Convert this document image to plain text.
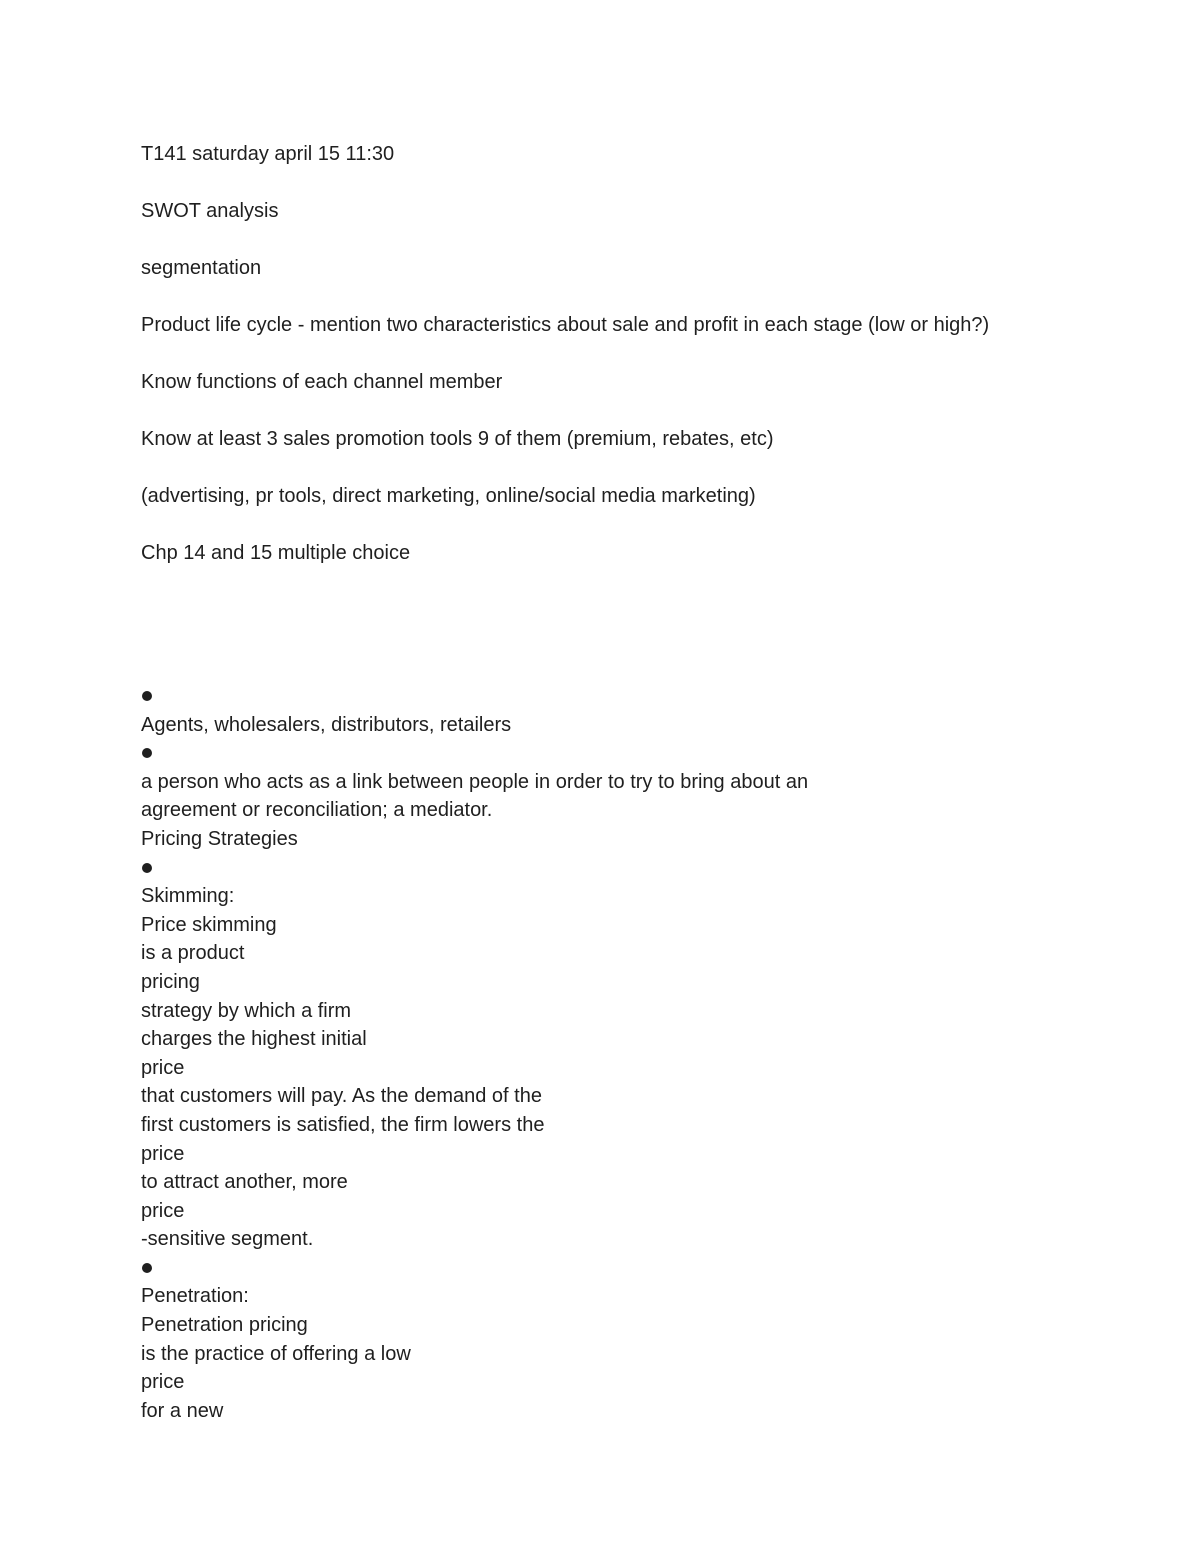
T141 saturday april 15 11:30
SWOT analysis
segmentation
Product life cycle - mention two characteristics about sale and profit in each stage (low or high?)
Know functions of each channel member
Know at least 3 sales promotion tools 9 of them (premium, rebates, etc)
(advertising, pr tools, direct marketing, online/social media marketing)
Chp 14 and 15 multiple choice
Agents, wholesalers, distributors, retailers
a person who acts as a link between people in order to try to bring about an
agreement or reconciliation; a mediator.
Pricing Strategies
Skimming:
Price skimming
is a product
pricing
strategy by which a firm
charges the highest initial
price
that customers will pay. As the demand of the
first customers is satisfied, the firm lowers the
price
to attract another, more
price
-sensitive segment.
Penetration:
Penetration pricing
is the practice of offering a low
price
for a new
